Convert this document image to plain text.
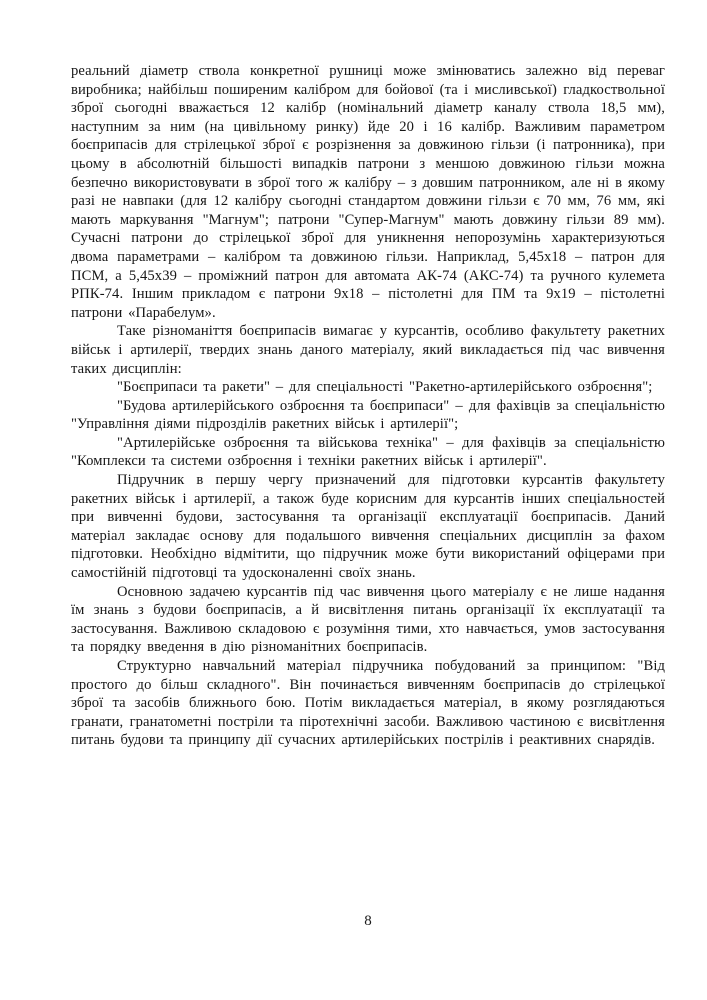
реальний діаметр ствола конкретної рушниці може змінюватись залежно від переваг виробника; найбільш поширеним калібром для бойової (та і мисливської) гладкоствольної зброї сьогодні вважається 12 калібр (номінальний діаметр каналу ствола 18,5 мм), наступним за ним (на цивільному ринку) йде 20 і 16 калібр. Важливим параметром боєприпасів для стрілецької зброї є розрізнення за довжиною гільзи (і патронника), при цьому в абсолютній більшості випадків патрони з меншою довжиною гільзи можна безпечно використовувати в зброї того ж калібру – з довшим патронником, але ні в якому разі не навпаки (для 12 калібру сьогодні стандартом довжини гільзи є 70 мм, 76 мм, які мають маркування "Магнум"; патрони "Супер-Магнум" мають довжину гільзи 89 мм). Сучасні патрони до стрілецької зброї для уникнення непорозумінь характеризуються двома параметрами – калібром та довжиною гільзи. Наприклад, 5,45х18 – патрон для ПСМ, а 5,45х39 – проміжний патрон для автомата АК-74 (АКС-74) та ручного кулемета РПК-74. Іншим прикладом є патрони 9х18 – пістолетні для ПМ та 9х19 – пістолетні патрони «Парабелум».

Таке різноманіття боєприпасів вимагає у курсантів, особливо факультету ракетних військ і артилерії, твердих знань даного матеріалу, який викладається під час вивчення таких дисциплін:

"Боєприпаси та ракети" – для спеціальності "Ракетно-артилерійського озброєння";

"Будова артилерійського озброєння та боєприпаси" – для фахівців за спеціальністю "Управління діями підрозділів ракетних військ і артилерії";

"Артилерійське озброєння та військова техніка" – для фахівців за спеціальністю "Комплекси та системи озброєння і техніки ракетних військ і артилерії".

Підручник в першу чергу призначений для підготовки курсантів факультету ракетних військ і артилерії, а також буде корисним для курсантів інших спеціальностей при вивченні будови, застосування та організації експлуатації боєприпасів. Даний матеріал закладає основу для подальшого вивчення спеціальних дисциплін за фахом підготовки. Необхідно відмітити, що підручник може бути використаний офіцерами при самостійній підготовці та удосконаленні своїх знань.

Основною задачею курсантів під час вивчення цього матеріалу є не лише надання їм знань з будови боєприпасів, а й висвітлення питань організації їх експлуатації та застосування. Важливою складовою є розуміння тими, хто навчається, умов застосування та порядку введення в дію різноманітних боєприпасів.

Структурно навчальний матеріал підручника побудований за принципом: "Від простого до більш складного". Він починається вивченням боєприпасів до стрілецької зброї та засобів ближнього бою. Потім викладається матеріал, в якому розглядаються гранати, гранатометні постріли та піротехнічні засоби. Важливою частиною є висвітлення питань будови та принципу дії сучасних артилерійських пострілів і реактивних снарядів.

8
